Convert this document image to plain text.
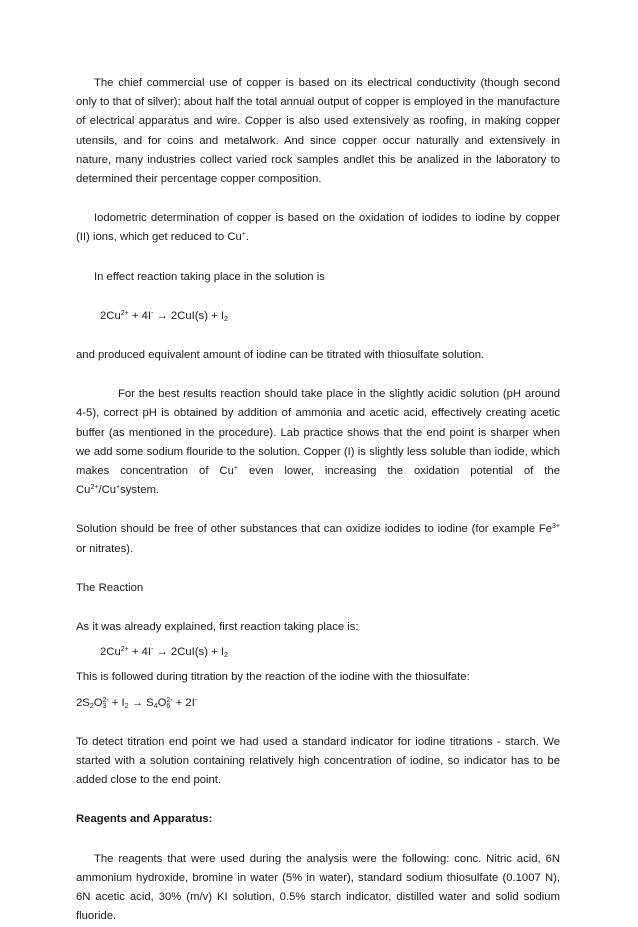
The chief commercial use of copper is based on its electrical conductivity (though second only to that of silver); about half the total annual output of copper is employed in the manufacture of electrical apparatus and wire. Copper is also used extensively as roofing, in making copper utensils, and for coins and metalwork. And since copper occur naturally and extensively in nature, many industries collect varied rock samples andlet this be analized in the laboratory to determined their percentage copper composition.

Iodometric determination of copper is based on the oxidation of iodides to iodine by copper (II) ions, which get reduced to Cu+.

In effect reaction taking place in the solution is

$2Cu^{2+} + 4I^- \to 2CuI(s) + I_2$

and produced equivalent amount of iodine can be titrated with thiosulfate solution.

For the best results reaction should take place in the slightly acidic solution (pH around 4-5), correct pH is obtained by addition of ammonia and acetic acid, effectively creating acetic buffer (as mentioned in the procedure). Lab practice shows that the end point is sharper when we add some sodium flouride to the solution. Copper (I) is slightly less soluble than iodide, which makes concentration of Cu+ even lower, increasing the oxidation potential of the $Cu^{2+}/Cu^+system$.

Solution should be free of other substances that can oxidize iodides to iodine (for example $Fe^{3+}$ or nitrates).

The Reaction

As it was already explained, first reaction taking place is:

$2Cu^{2+} + 4I^- \to 2CuI(s) + I_2$

This is followed during titration by the reaction of the iodine with the thiosulfate:

$2S_2O_3^{2-} + I_2 \to S_4O_6^{2-} + 2I^-$

To detect titration end point we had used a standard indicator for iodine titrations - starch. We started with a solution containing relatively high concentration of iodine, so indicator has to be added close to the end point.

Reagents and Apparatus:

The reagents that were used during the analysis were the following: conc. Nitric acid, 6N ammonium hydroxide, bromine in water (5% in water), standard sodium thiosulfate (0.1007 N), 6N acetic acid, 30% (m/v) KI solution, 0.5% starch indicator, distilled water and solid sodium fluoride.
